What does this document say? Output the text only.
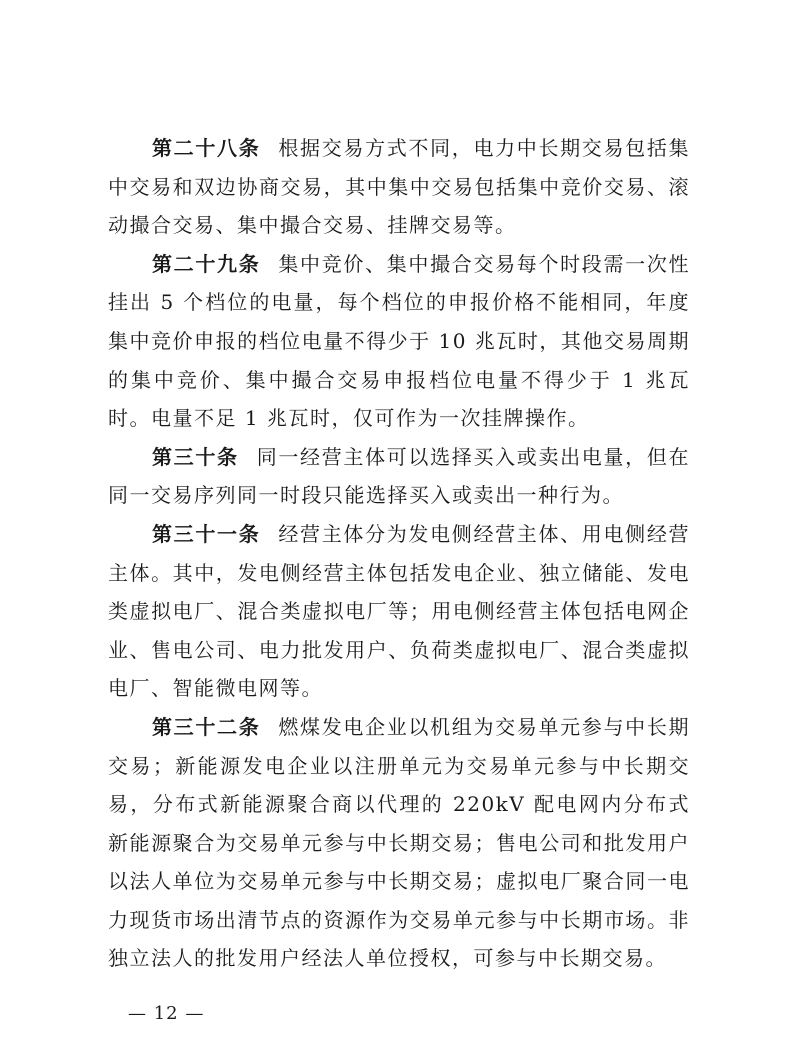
第二十八条 根据交易方式不同，电力中长期交易包括集中交易和双边协商交易，其中集中交易包括集中竞价交易、滚动撮合交易、集中撮合交易、挂牌交易等。

第二十九条 集中竞价、集中撮合交易每个时段需一次性挂出 5 个档位的电量，每个档位的申报价格不能相同，年度集中竞价申报的档位电量不得少于 10 兆瓦时，其他交易周期的集中竞价、集中撮合交易申报档位电量不得少于 1 兆瓦时。电量不足 1 兆瓦时，仅可作为一次挂牌操作。

第三十条 同一经营主体可以选择买入或卖出电量，但在同一交易序列同一时段只能选择买入或卖出一种行为。

第三十一条 经营主体分为发电侧经营主体、用电侧经营主体。其中，发电侧经营主体包括发电企业、独立储能、发电类虚拟电厂、混合类虚拟电厂等；用电侧经营主体包括电网企业、售电公司、电力批发用户、负荷类虚拟电厂、混合类虚拟电厂、智能微电网等。

第三十二条 燃煤发电企业以机组为交易单元参与中长期交易；新能源发电企业以注册单元为交易单元参与中长期交易，分布式新能源聚合商以代理的 220kV 配电网内分布式新能源聚合为交易单元参与中长期交易；售电公司和批发用户以法人单位为交易单元参与中长期交易；虚拟电厂聚合同一电力现货市场出清节点的资源作为交易单元参与中长期市场。非独立法人的批发用户经法人单位授权，可参与中长期交易。

— 12 —
